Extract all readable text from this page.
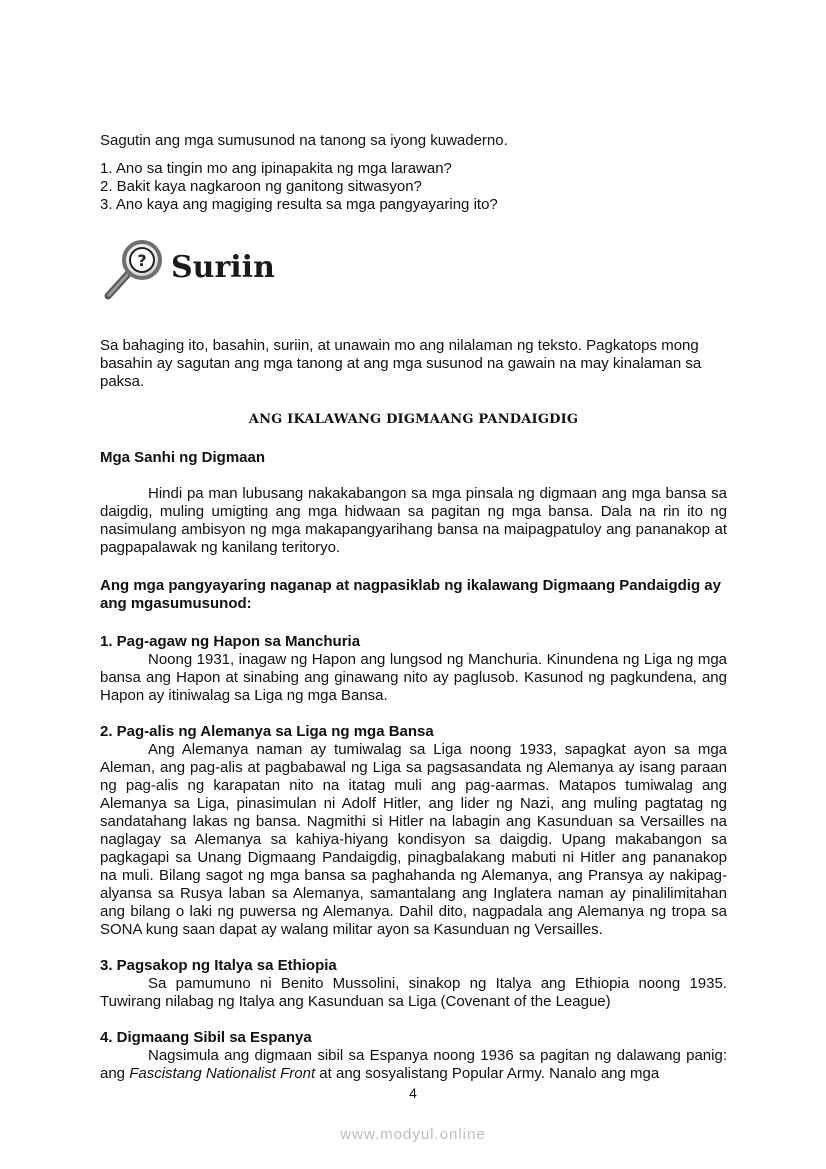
Sagutin ang mga sumusunod na tanong sa iyong kuwaderno.

1. Ano sa tingin mo ang ipinapakita ng mga larawan?

2. Bakit kaya nagkaroon ng ganitong sitwasyon?

3. Ano kaya ang magiging resulta sa mga pangyayaring ito?

? Suriin

Sa bahaging ito, basahin, suriin, at unawain mo ang nilalaman ng teksto. Pagkatops mong basahin ay sagutan ang mga tanong at ang mga susunod na gawain na may kinalaman sa paksa.

ANG IKALAWANG DIGMAANG PANDAIGDIG
Mga Sanhi ng Digmaan

Hindi pa man lubusang nakakabangon sa mga pinsala ng digmaan ang mga bansa sa daigdig, muling umigting ang mga hidwaan sa pagitan ng mga bansa. Dala na rin ito ng nasimulang ambisyon ng mga makapangyarihang bansa na maipagpatuloy ang pananakop at pagpapalawak ng kanilang teritoryo.

Ang mga pangyayaring naganap at nagpasiklab ng ikalawang Digmaang Pandaigdig ay ang mgasumusunod:
1. Pag-agaw ng Hapon sa Manchuria

Noong 1931, inagaw ng Hapon ang lungsod ng Manchuria. Kinundena ng Liga ng mga bansa ang Hapon at sinabing ang ginawang nito ay paglusob. Kasunod ng pagkundena, ang Hapon ay itiniwalag sa Liga ng mga Bansa.

2. Pag-alis ng Alemanya sa Liga ng mga Bansa

Ang Alemanya naman ay tumiwalag sa Liga noong 1933, sapagkat ayon sa mga Aleman, ang pag-alis at pagbabawal ng Liga sa pagsasandata ng Alemanya ay isang paraan ng pag-alis ng karapatan nito na itatag muli ang pag-aarmas. Matapos tumiwalag ang Alemanya sa Liga, pinasimulan ni Adolf Hitler, ang lider ng Nazi, ang muling pagtatag ng sandatahang lakas ng bansa. Nagmithi si Hitler na labagin ang Kasunduan sa Versailles na naglagay sa Alemanya sa kahiya-hiyang kondisyon sa daigdig. Upang makabangon sa pagkagapi sa Unang Digmaang Pandaigdig, pinagbalakang mabuti ni Hitler ang pananakop na muli. Bilang sagot ng mga bansa sa paghahanda ng Alemanya, ang Pransya ay nakipag-alyansa sa Rusya laban sa Alemanya, samantalang ang Inglatera naman ay pinalilimitahan ang bilang o laki ng puwersa ng Alemanya. Dahil dito, nagpadala ang Alemanya ng tropa sa SONA kung saan dapat ay walang militar ayon sa Kasunduan ng Versailles.

3. Pagsakop ng Italya sa Ethiopia

Sa pamumuno ni Benito Mussolini, sinakop ng Italya ang Ethiopia noong 1935. Tuwirang nilabag ng Italya ang Kasunduan sa Liga (Covenant of the League)

4. Digmaang Sibil sa Espanya

Nagsimula ang digmaan sibil sa Espanya noong 1936 sa pagitan ng dalawang panig: ang Fascistang Nationalist Front at ang sosyalistang Popular Army. Nanalo ang mga

4
www.modyul.online
